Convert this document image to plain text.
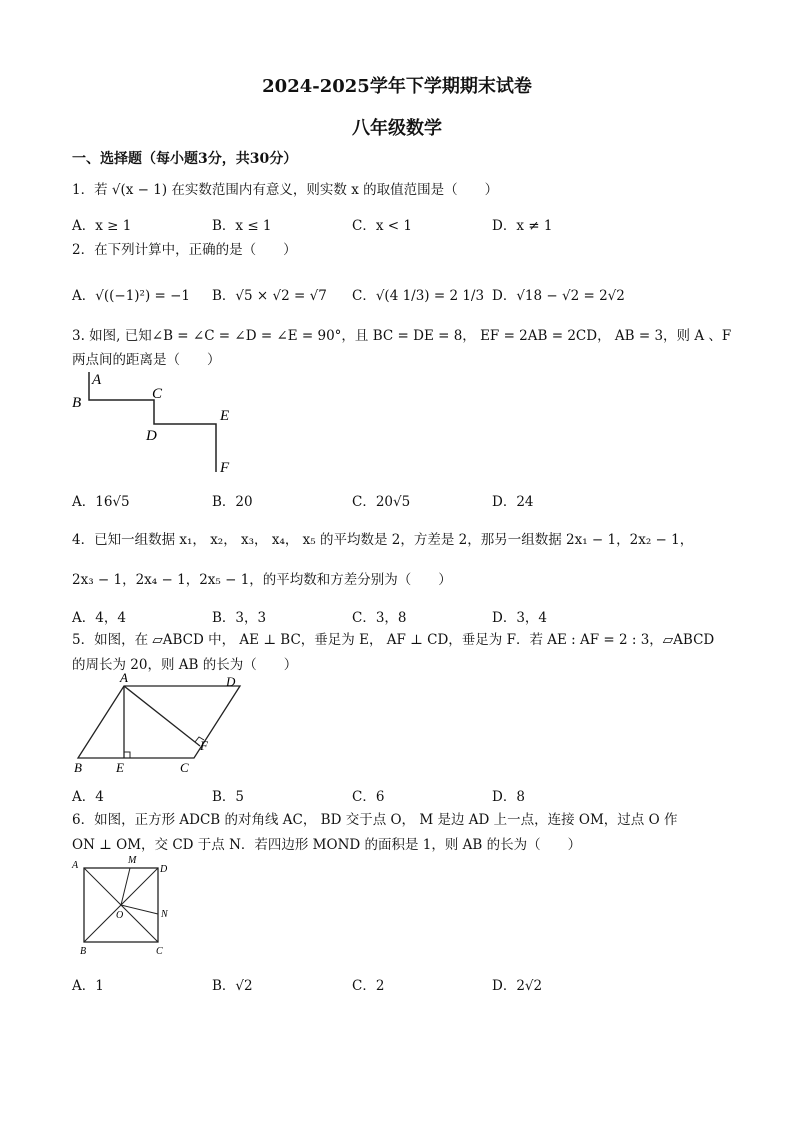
2024-2025学年下学期期末试卷
八年级数学
一、选择题（每小题3分，共30分）
1．若 √(x − 1) 在实数范围内有意义，则实数 x 的取值范围是（　　）
A．x ≥ 1	B．x ≤ 1	C．x < 1	D．x ≠ 1
2．在下列计算中，正确的是（　　）
A．√((−1)²) = −1 B．√5 × √2 = √7 C．√(4 1/3) = 2 1/3 D．√18 − √2 = 2√2
3. 如图, 已知∠B = ∠C = ∠D = ∠E = 90°，且 BC = DE = 8， EF = 2AB = 2CD， AB = 3，则 A 、F
两点间的距离是（　　）
A
B
C
D
E
F
A．16√5	B．20	C．20√5	D．24
4．已知一组数据 x₁， x₂， x₃， x₄， x₅ 的平均数是 2，方差是 2，那另一组数据 2x₁ − 1，2x₂ − 1，
2x₃ − 1，2x₄ − 1，2x₅ − 1，的平均数和方差分别为（　　）
A．4，4	B．3，3	C．3，8	D．3，4
5．如图，在 ▱ABCD 中， AE ⊥ BC，垂足为 E， AF ⊥ CD，垂足为 F．若 AE : AF = 2 : 3，▱ABCD
的周长为 20，则 AB 的长为（　　）
A	D
B	E	C
F
A．4	B．5	C．6	D．8
6．如图，正方形 ADCB 的对角线 AC， BD 交于点 O， M 是边 AD 上一点，连接 OM，过点 O 作
ON ⊥ OM，交 CD 于点 N．若四边形 MOND 的面积是 1，则 AB 的长为（　　）
A	M
D
O	N
B	C
A．1	B．√2	C．2	D．2√2
